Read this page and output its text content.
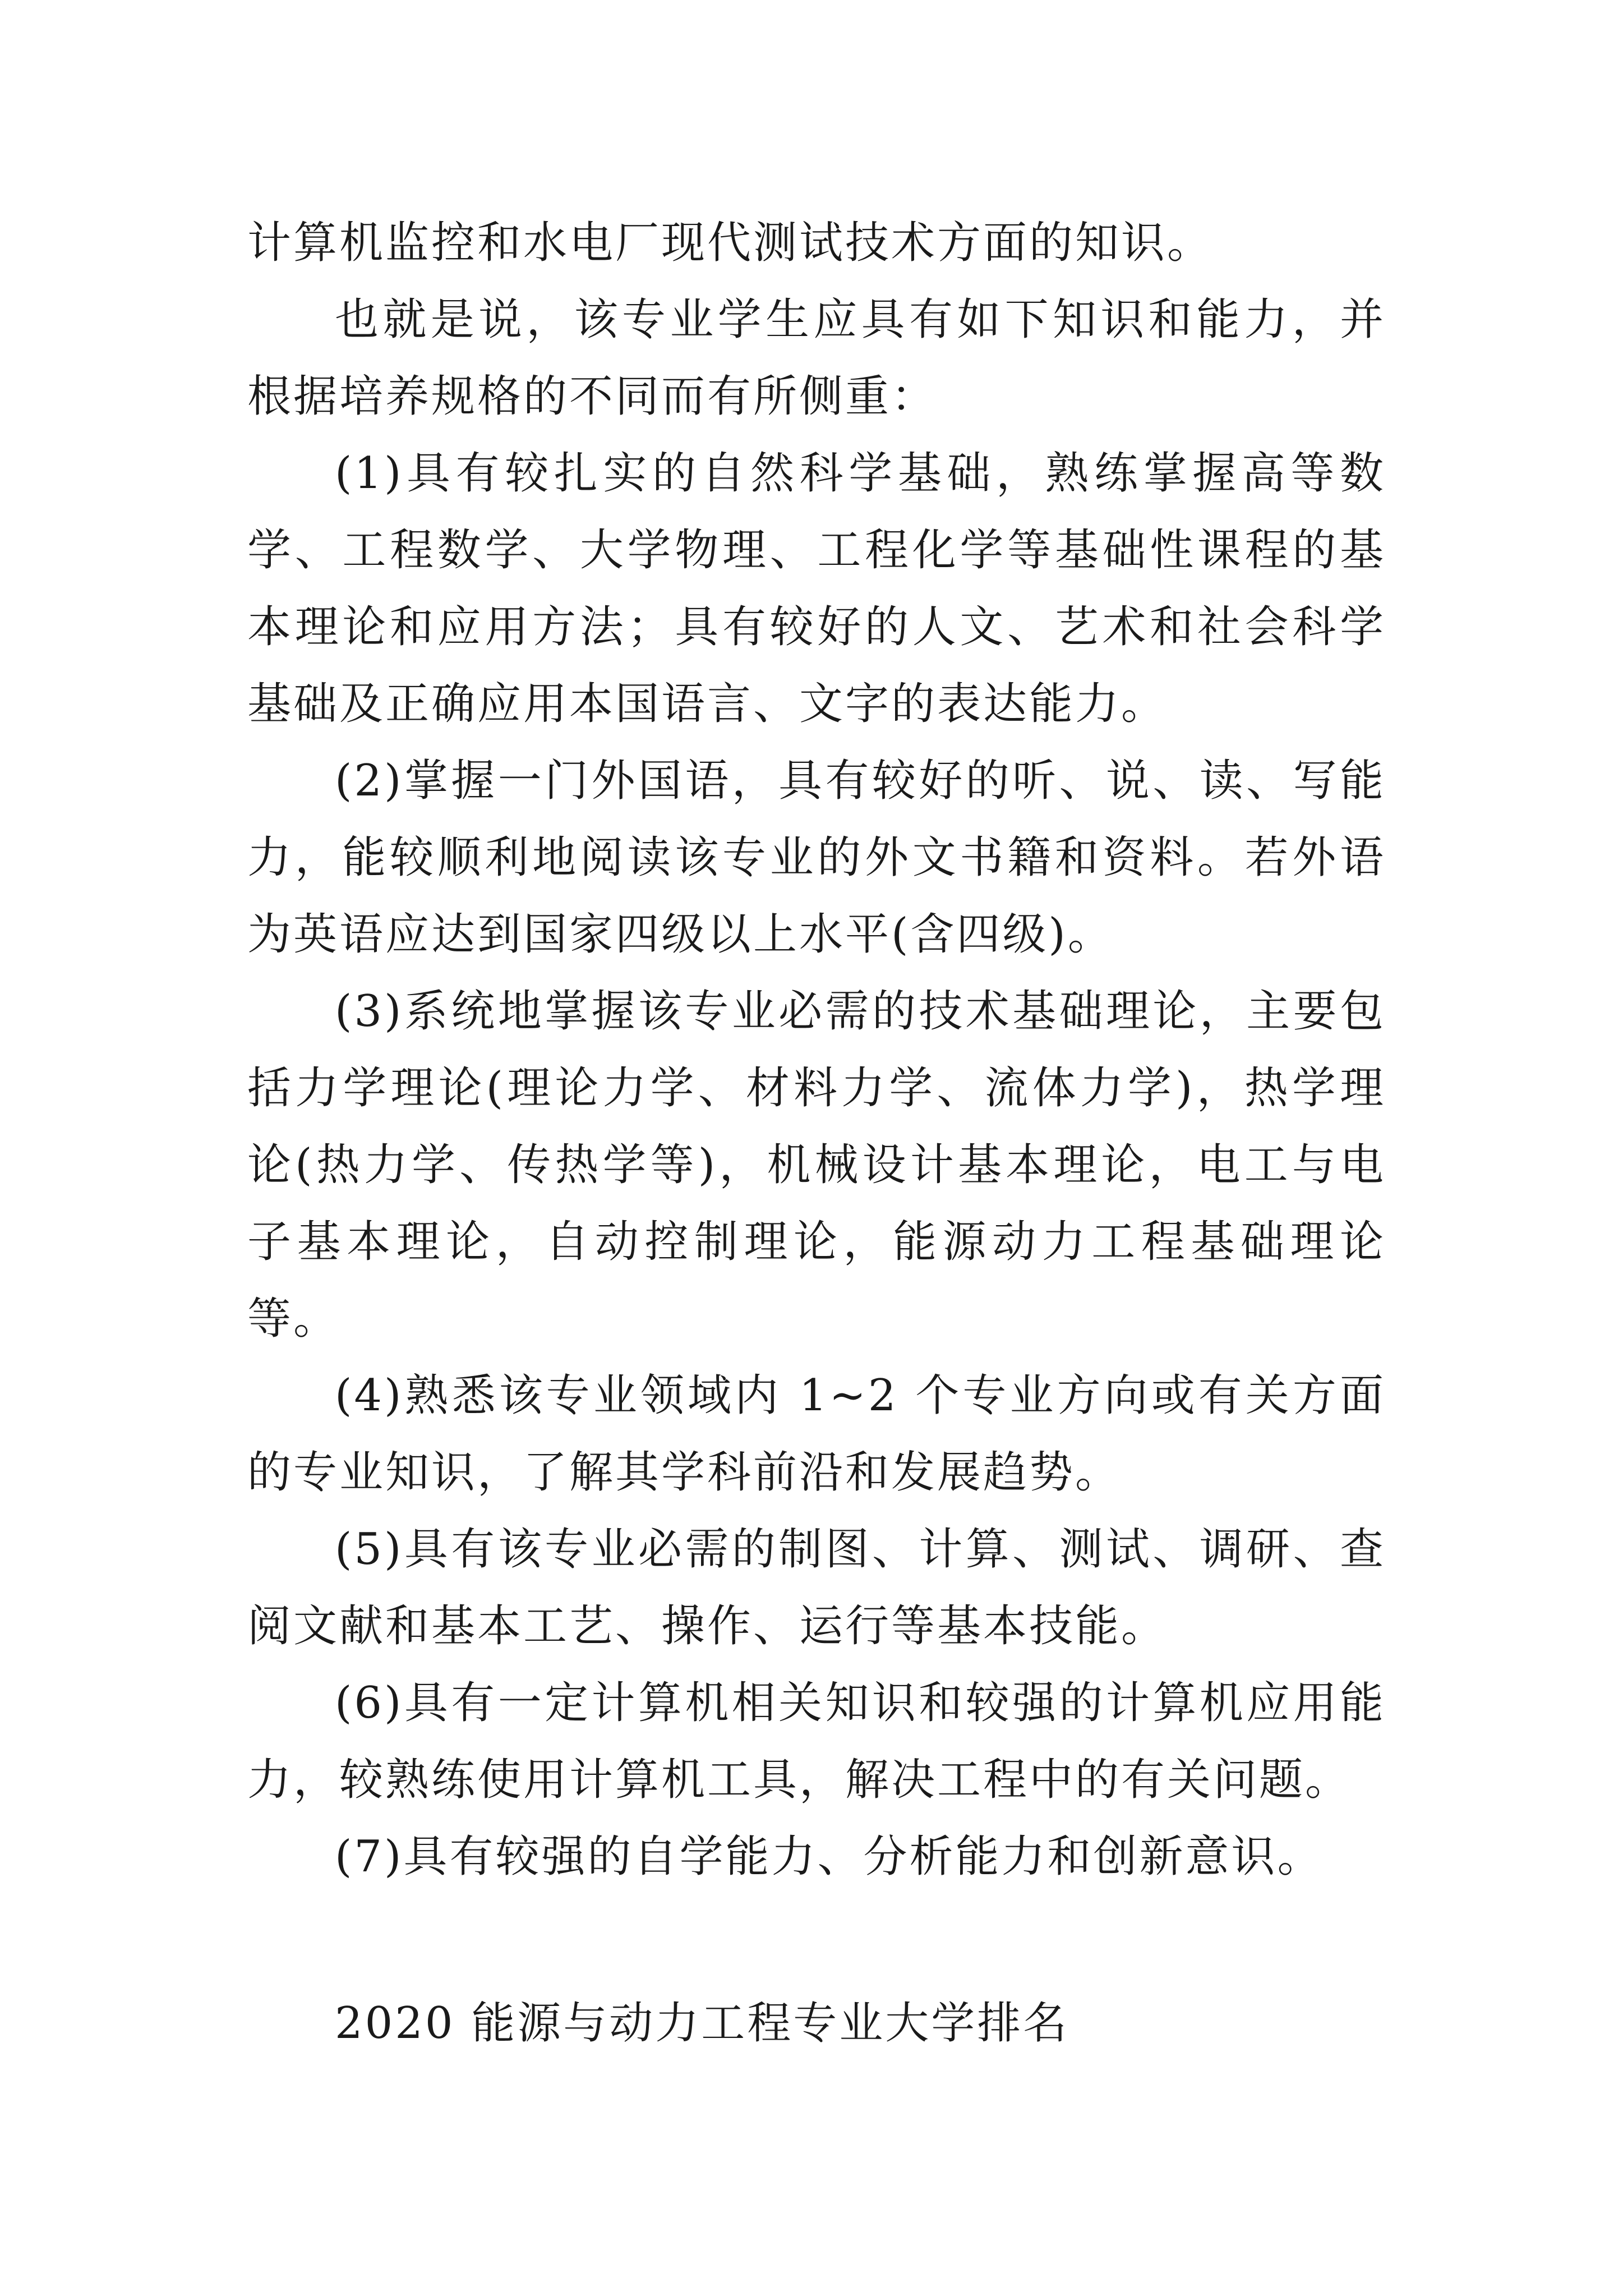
计算机监控和水电厂现代测试技术方面的知识。

也就是说，该专业学生应具有如下知识和能力，并根据培养规格的不同而有所侧重：

(1)具有较扎实的自然科学基础，熟练掌握高等数学、工程数学、大学物理、工程化学等基础性课程的基本理论和应用方法；具有较好的人文、艺术和社会科学基础及正确应用本国语言、文字的表达能力。

(2)掌握一门外国语，具有较好的听、说、读、写能力，能较顺利地阅读该专业的外文书籍和资料。若外语为英语应达到国家四级以上水平(含四级)。

(3)系统地掌握该专业必需的技术基础理论，主要包括力学理论(理论力学、材料力学、流体力学)，热学理论(热力学、传热学等)，机械设计基本理论，电工与电子基本理论，自动控制理论，能源动力工程基础理论等。

(4)熟悉该专业领域内 1~2 个专业方向或有关方面的专业知识，了解其学科前沿和发展趋势。

(5)具有该专业必需的制图、计算、测试、调研、查阅文献和基本工艺、操作、运行等基本技能。

(6)具有一定计算机相关知识和较强的计算机应用能力，较熟练使用计算机工具，解决工程中的有关问题。

(7)具有较强的自学能力、分析能力和创新意识。

2020 能源与动力工程专业大学排名
